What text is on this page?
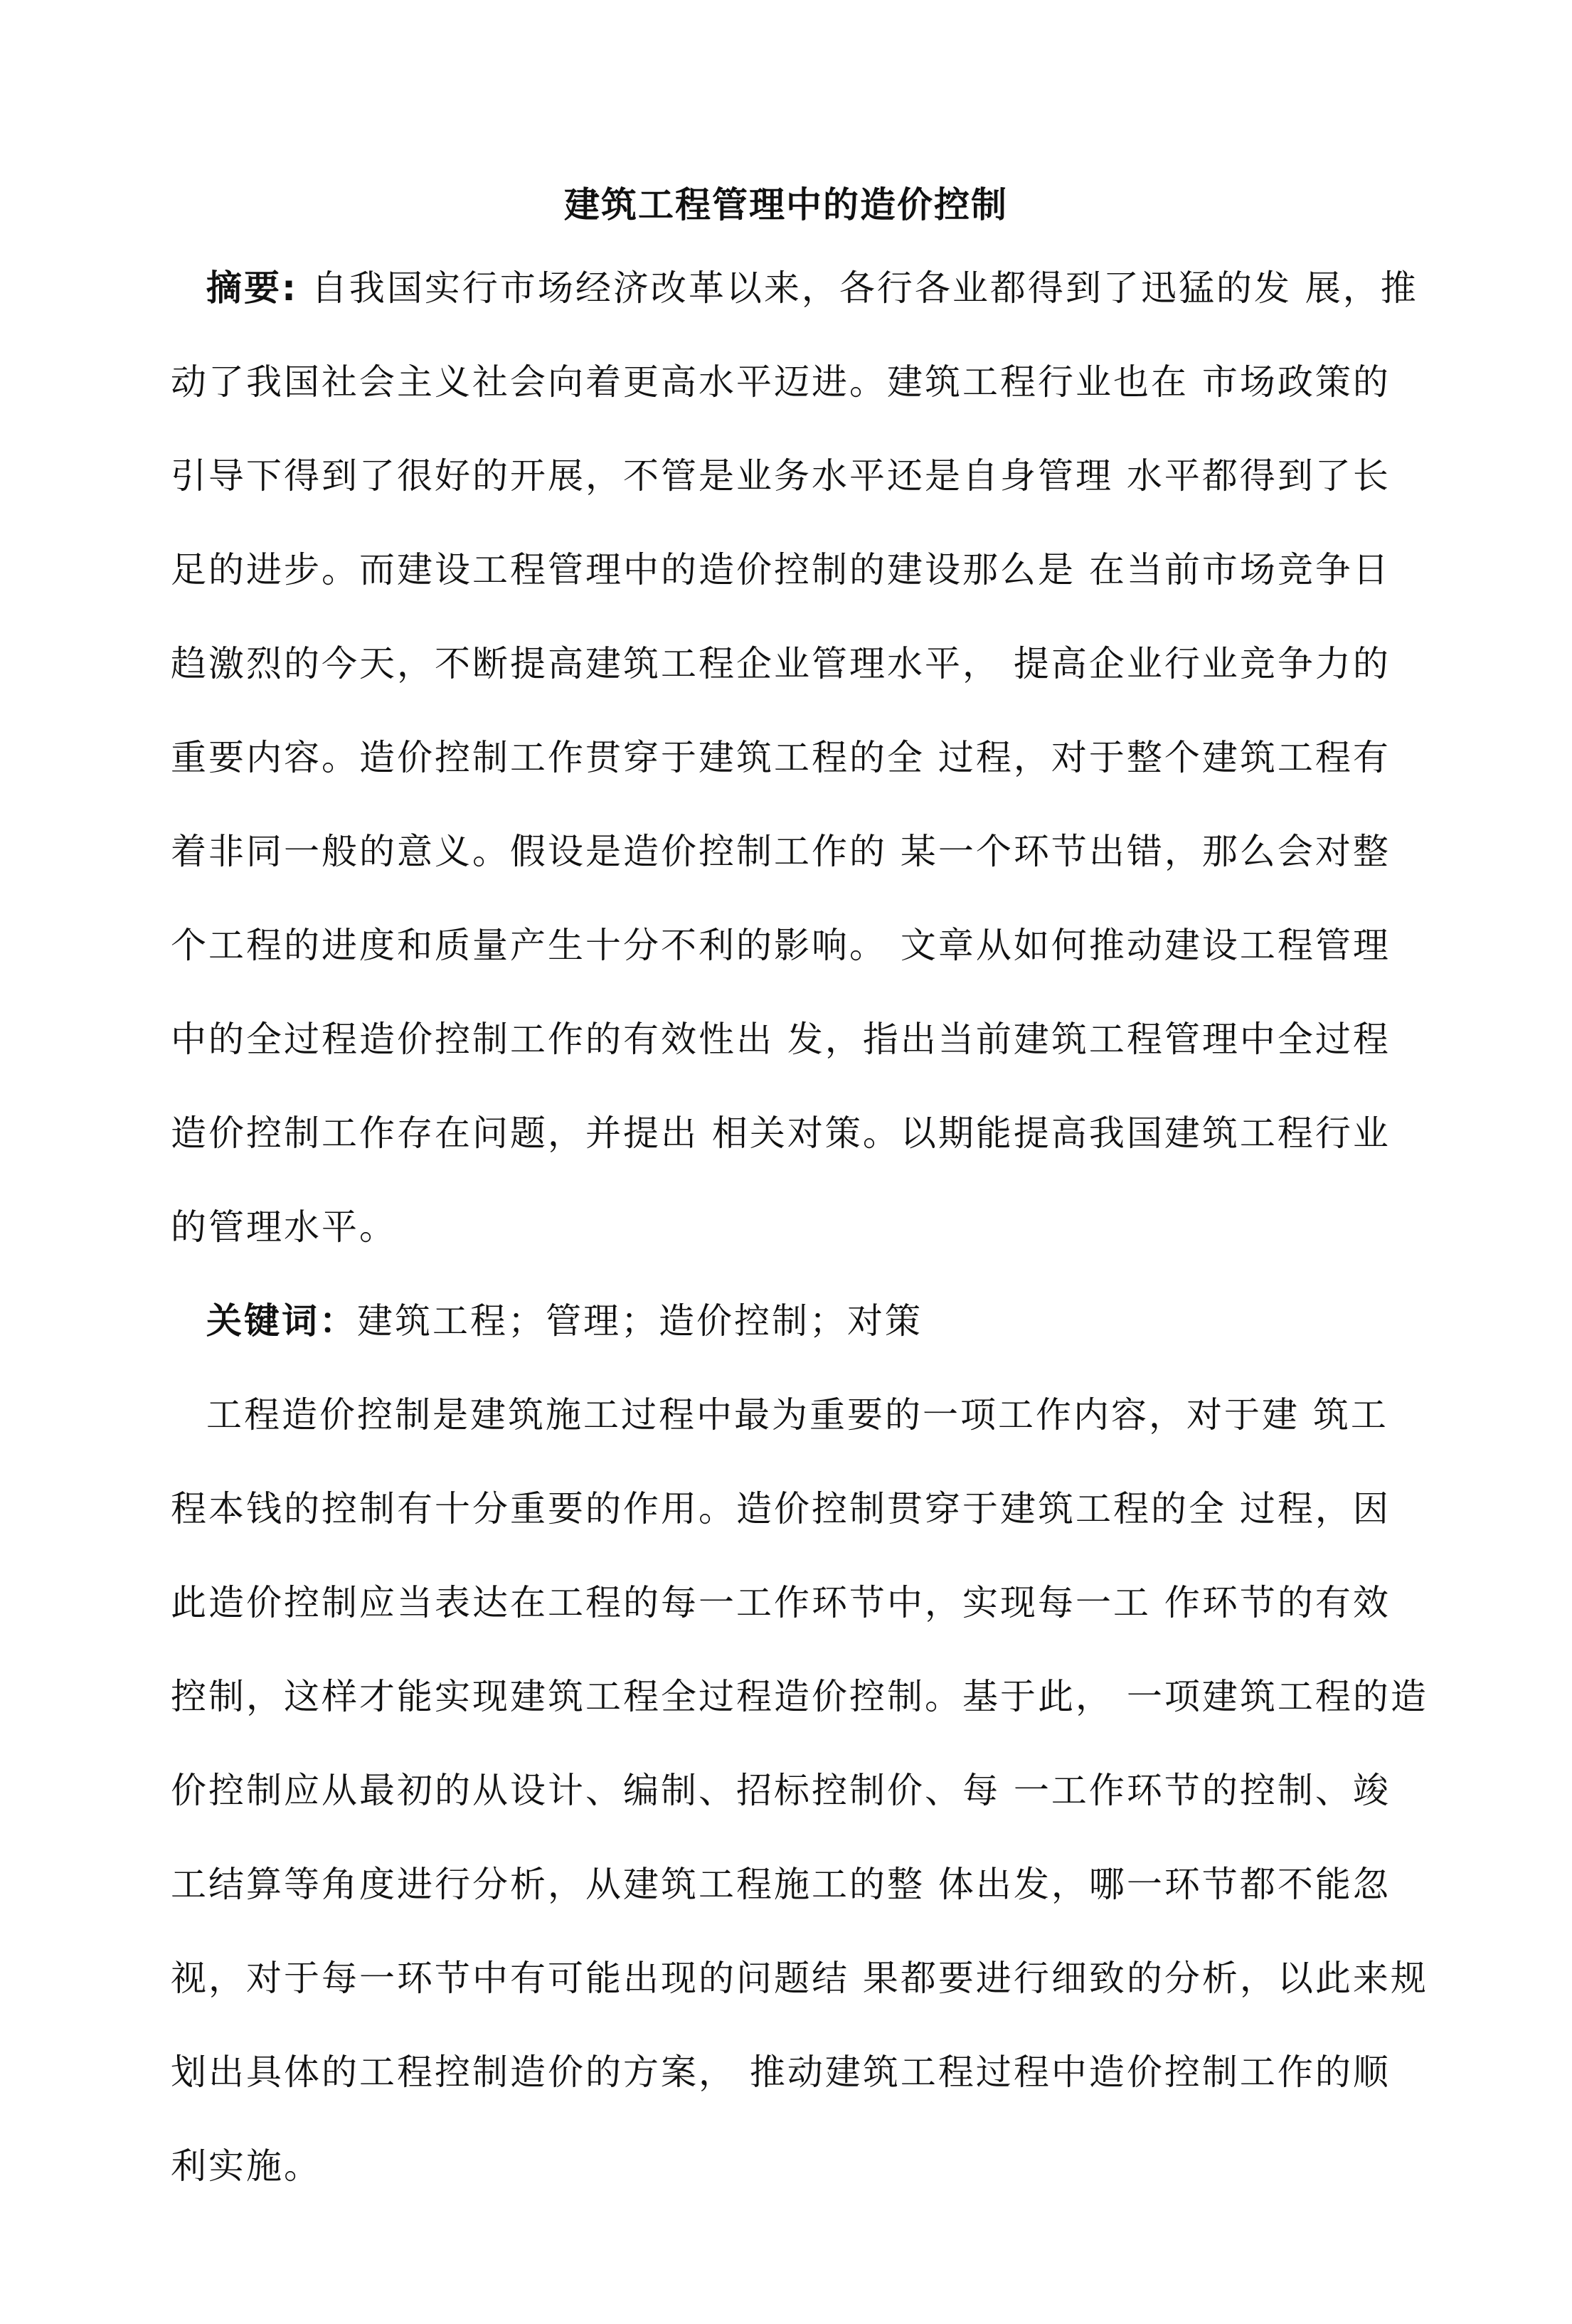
建筑工程管理中的造价控制
摘要: 自我国实行市场经济改革以来，各行各业都得到了迅猛的发 展，推
动了我国社会主义社会向着更高水平迈进。建筑工程行业也在 市场政策的
引导下得到了很好的开展，不管是业务水平还是自身管理 水平都得到了长
足的进步。而建设工程管理中的造价控制的建设那么是 在当前市场竞争日
趋激烈的今天，不断提高建筑工程企业管理水平， 提高企业行业竞争力的
重要内容。造价控制工作贯穿于建筑工程的全 过程，对于整个建筑工程有
着非同一般的意义。假设是造价控制工作的 某一个环节出错，那么会对整
个工程的进度和质量产生十分不利的影响。 文章从如何推动建设工程管理
中的全过程造价控制工作的有效性出 发，指出当前建筑工程管理中全过程
造价控制工作存在问题，并提出 相关对策。以期能提高我国建筑工程行业
的管理水平。
关键词：建筑工程；管理；造价控制；对策
工程造价控制是建筑施工过程中最为重要的一项工作内容，对于建 筑工
程本钱的控制有十分重要的作用。造价控制贯穿于建筑工程的全 过程，因
此造价控制应当表达在工程的每一工作环节中，实现每一工 作环节的有效
控制，这样才能实现建筑工程全过程造价控制。基于此， 一项建筑工程的造
价控制应从最初的从设计、编制、招标控制价、每 一工作环节的控制、竣
工结算等角度进行分析，从建筑工程施工的整 体出发，哪一环节都不能忽
视，对于每一环节中有可能出现的问题结 果都要进行细致的分析，以此来规
划出具体的工程控制造价的方案， 推动建筑工程过程中造价控制工作的顺
利实施。
